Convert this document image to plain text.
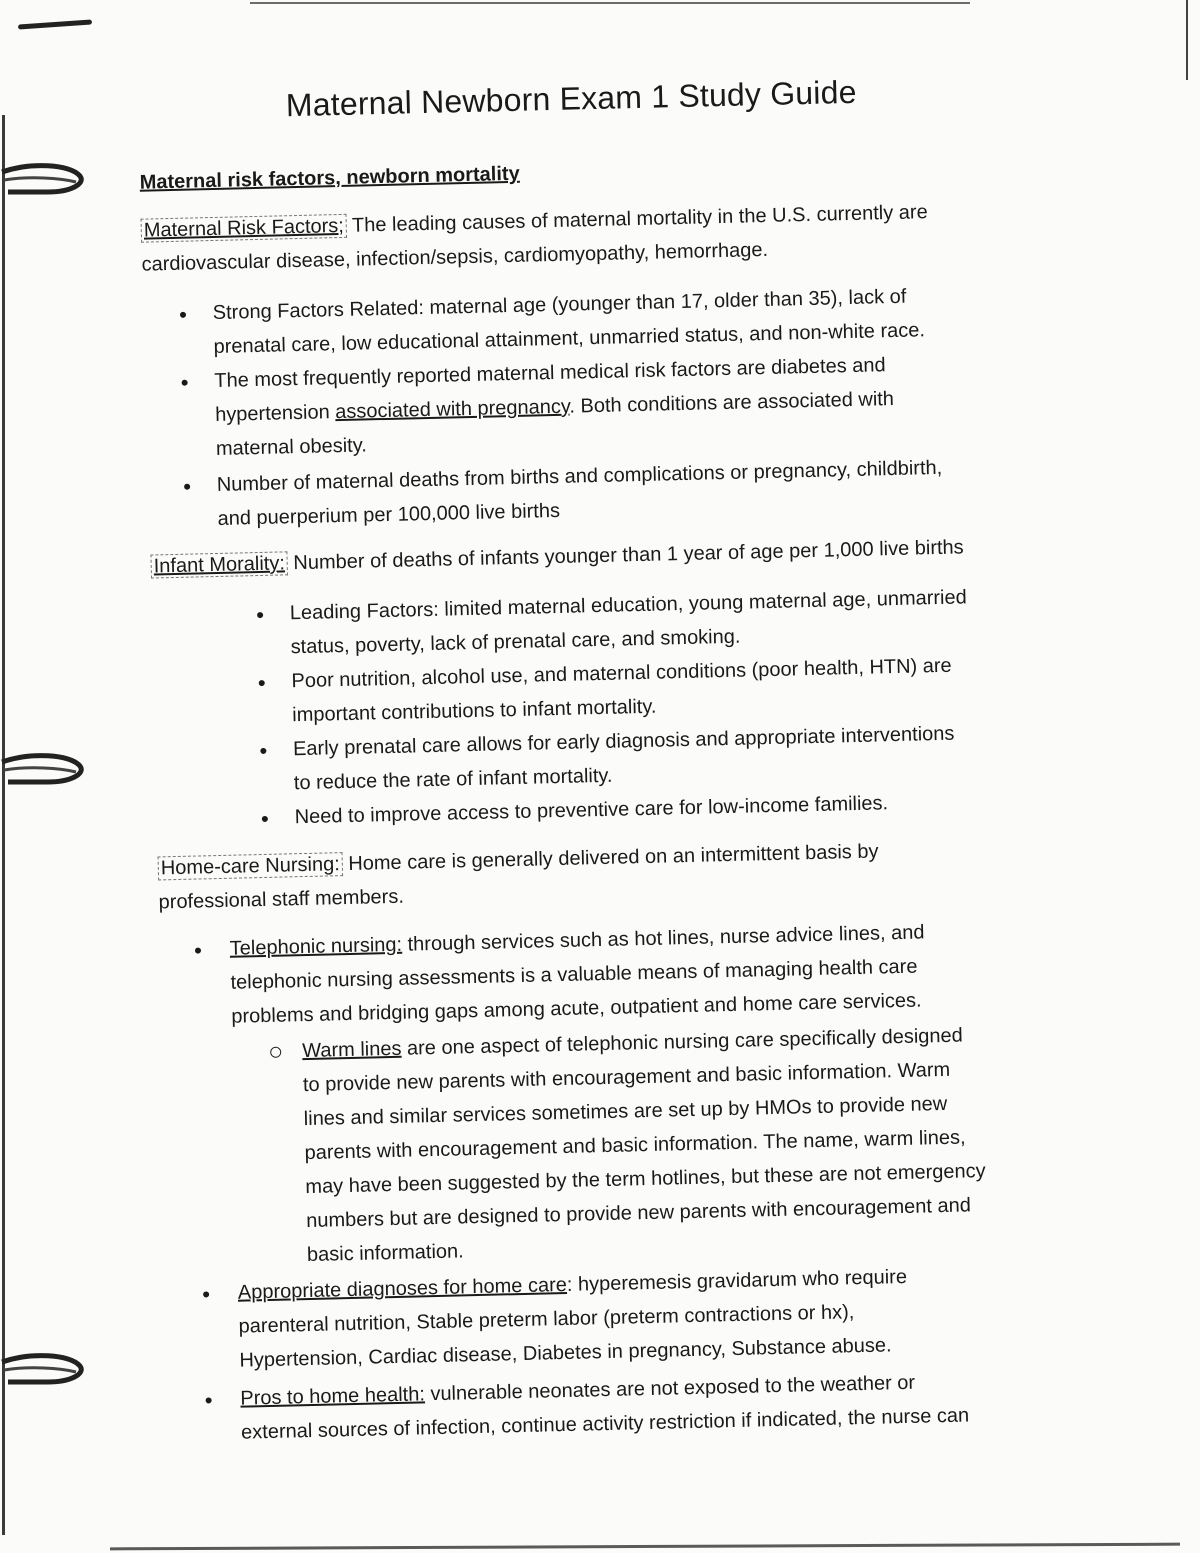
Maternal Newborn Exam 1 Study Guide
Maternal risk factors, newborn mortality
Maternal Risk Factors; The leading causes of maternal mortality in the U.S. currently are
cardiovascular disease, infection/sepsis, cardiomyopathy, hemorrhage.
● Strong Factors Related: maternal age (younger than 17, older than 35), lack of
prenatal care, low educational attainment, unmarried status, and non-white race.
● The most frequently reported maternal medical risk factors are diabetes and
hypertension associated with pregnancy. Both conditions are associated with
maternal obesity.
● Number of maternal deaths from births and complications or pregnancy, childbirth,
and puerperium per 100,000 live births
Infant Morality: Number of deaths of infants younger than 1 year of age per 1,000 live births
● Leading Factors: limited maternal education, young maternal age, unmarried
status, poverty, lack of prenatal care, and smoking.
● Poor nutrition, alcohol use, and maternal conditions (poor health, HTN) are
important contributions to infant mortality.
● Early prenatal care allows for early diagnosis and appropriate interventions
to reduce the rate of infant mortality.
● Need to improve access to preventive care for low-income families.
Home-care Nursing: Home care is generally delivered on an intermittent basis by
professional staff members.
● Telephonic nursing: through services such as hot lines, nurse advice lines, and
telephonic nursing assessments is a valuable means of managing health care
problems and bridging gaps among acute, outpatient and home care services.
Warm lines are one aspect of telephonic nursing care specifically designed
to provide new parents with encouragement and basic information. Warm
lines and similar services sometimes are set up by HMOs to provide new
parents with encouragement and basic information. The name, warm lines,
may have been suggested by the term hotlines, but these are not emergency
numbers but are designed to provide new parents with encouragement and
basic information.
● Appropriate diagnoses for home care: hyperemesis gravidarum who require
parenteral nutrition, Stable preterm labor (preterm contractions or hx),
Hypertension, Cardiac disease, Diabetes in pregnancy, Substance abuse.
● Pros to home health: vulnerable neonates are not exposed to the weather or
external sources of infection, continue activity restriction if indicated, the nurse can
